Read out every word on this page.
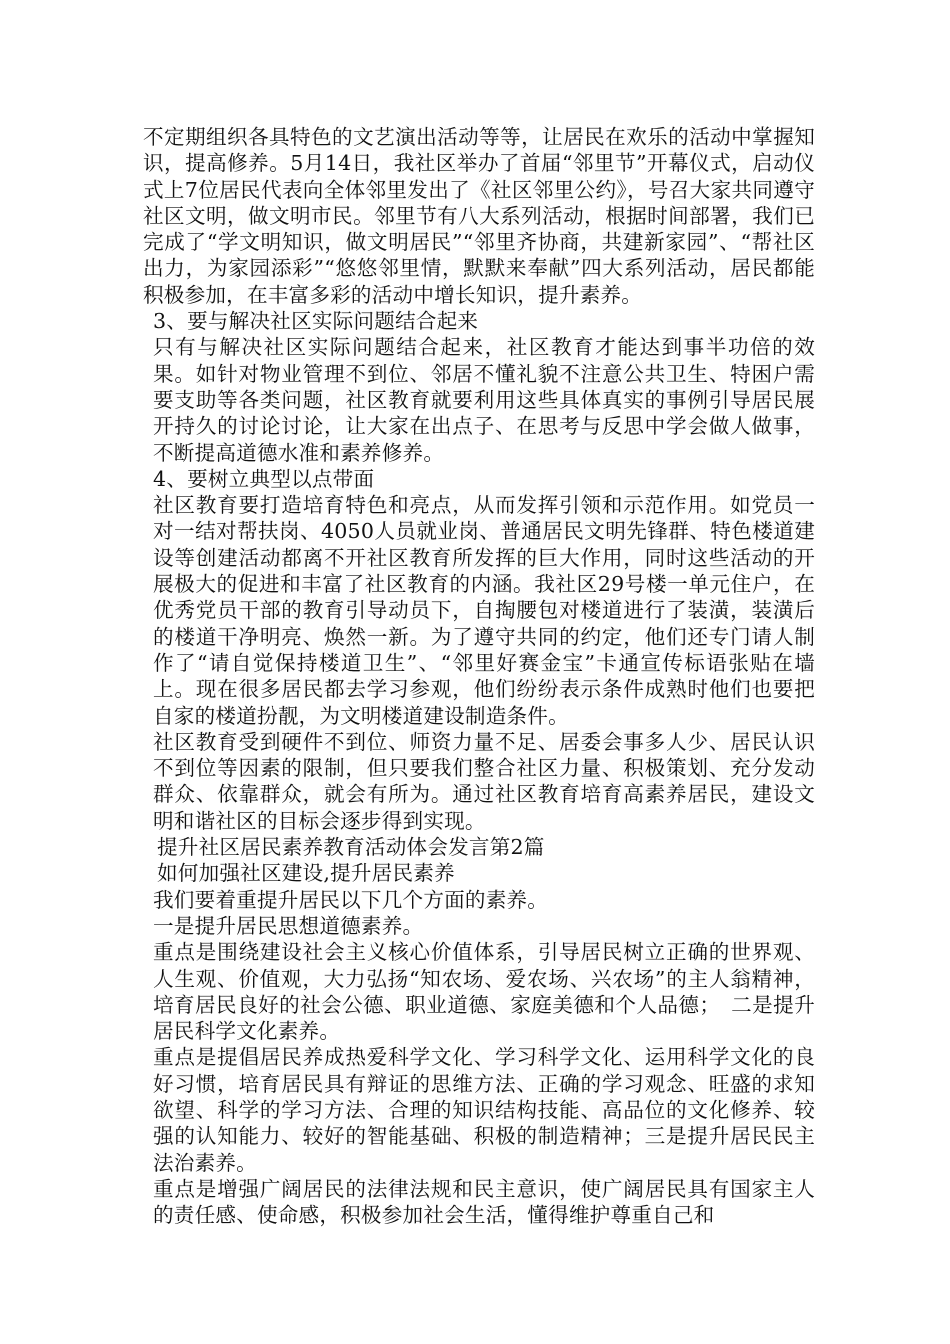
不定期组织各具特色的文艺演出活动等等，让居民在欢乐的活动中掌握知识，提高修养。5月14日，我社区举办了首届“邻里节”开幕仪式，启动仪式上7位居民代表向全体邻里发出了《社区邻里公约》，号召大家共同遵守社区文明，做文明市民。邻里节有八大系列活动，根据时间部署，我们已完成了“学文明知识，做文明居民”“邻里齐协商，共建新家园”、“帮社区出力，为家园添彩”“悠悠邻里情，默默来奉献”四大系列活动，居民都能积极参加，在丰富多彩的活动中增长知识，提升素养。

3、要与解决社区实际问题结合起来

只有与解决社区实际问题结合起来，社区教育才能达到事半功倍的效果。如针对物业管理不到位、邻居不懂礼貌不注意公共卫生、特困户需要支助等各类问题，社区教育就要利用这些具体真实的事例引导居民展开持久的讨论讨论，让大家在出点子、在思考与反思中学会做人做事，不断提高道德水准和素养修养。

4、要树立典型以点带面

社区教育要打造培育特色和亮点，从而发挥引领和示范作用。如党员一对一结对帮扶岗、4050人员就业岗、普通居民文明先锋群、特色楼道建设等创建活动都离不开社区教育所发挥的巨大作用，同时这些活动的开展极大的促进和丰富了社区教育的内涵。我社区29号楼一单元住户，在优秀党员干部的教育引导动员下，自掏腰包对楼道进行了装潢，装潢后的楼道干净明亮、焕然一新。为了遵守共同的约定，他们还专门请人制作了“请自觉保持楼道卫生”、“邻里好赛金宝”卡通宣传标语张贴在墙上。现在很多居民都去学习参观，他们纷纷表示条件成熟时他们也要把自家的楼道扮靓，为文明楼道建设制造条件。

社区教育受到硬件不到位、师资力量不足、居委会事多人少、居民认识不到位等因素的限制，但只要我们整合社区力量、积极策划、充分发动群众、依靠群众，就会有所为。通过社区教育培育高素养居民，建设文明和谐社区的目标会逐步得到实现。

提升社区居民素养教育活动体会发言第2篇

如何加强社区建设,提升居民素养

我们要着重提升居民以下几个方面的素养。

一是提升居民思想道德素养。

重点是围绕建设社会主义核心价值体系，引导居民树立正确的世界观、人生观、价值观，大力弘扬“知农场、爱农场、兴农场”的主人翁精神，培育居民良好的社会公德、职业道德、家庭美德和个人品德；　二是提升居民科学文化素养。

重点是提倡居民养成热爱科学文化、学习科学文化、运用科学文化的良好习惯，培育居民具有辩证的思维方法、正确的学习观念、旺盛的求知欲望、科学的学习方法、合理的知识结构技能、高品位的文化修养、较强的认知能力、较好的智能基础、积极的制造精神；三是提升居民民主法治素养。

重点是增强广阔居民的法律法规和民主意识，使广阔居民具有国家主人的责任感、使命感，积极参加社会生活，懂得维护尊重自己和
